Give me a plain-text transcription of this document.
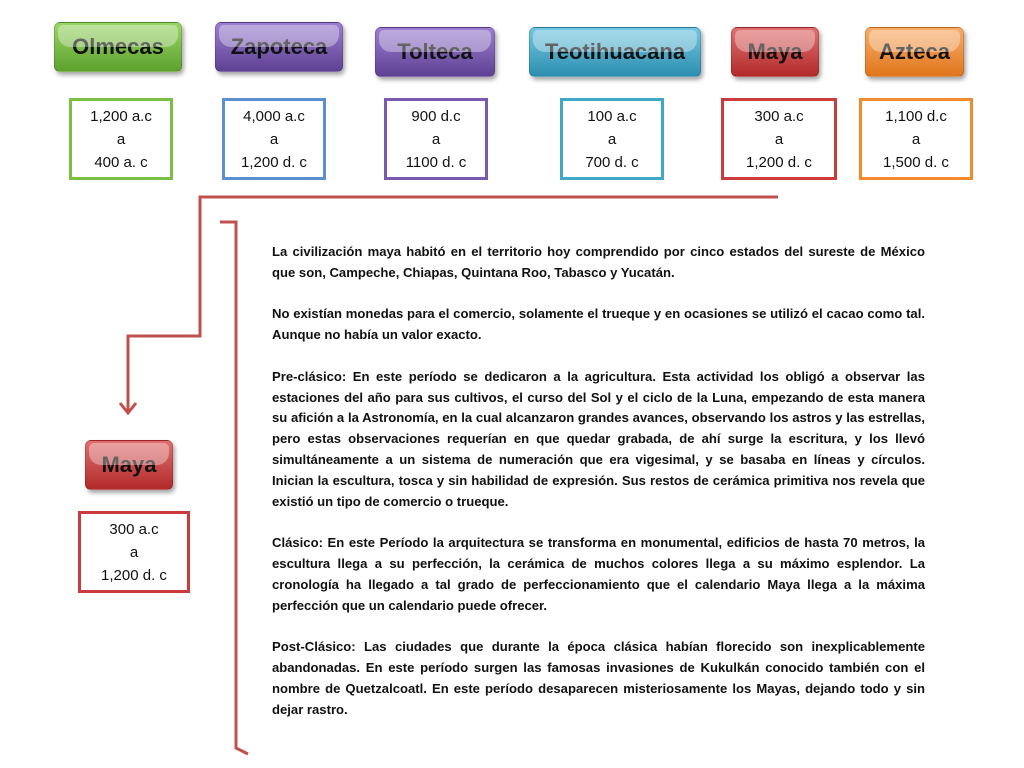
Olmecas	Zapoteca	Tolteca	Teotihuacana	Maya	Azteca
1,200 a.c
a
400 a. c
4,000 a.c
a
1,200 d. c
900 d.c
a
1100 d. c
100 a.c
a
700 d. c
300 a.c
a
1,200 d. c
1,100 d.c
a
1,500 d. c
Maya
300 a.c
a
1,200 d. c

La civilización maya habitó en el territorio hoy comprendido por cinco estados del sureste de México que son, Campeche, Chiapas, Quintana Roo, Tabasco y Yucatán.

No existían monedas para el comercio, solamente el trueque y en ocasiones se utilizó el cacao como tal. Aunque no había un valor exacto.

Pre-clásico: En este período se dedicaron a la agricultura. Esta actividad los obligó a observar las estaciones del año para sus cultivos, el curso del Sol y el ciclo de la Luna, empezando de esta manera su afición a la Astronomía, en la cual alcanzaron grandes avances, observando los astros y las estrellas, pero estas observaciones requerían en que quedar grabada, de ahí surge la escritura, y los llevó simultáneamente a un sistema de numeración que era vigesimal, y se basaba en líneas y círculos. Inician la escultura, tosca y sin habilidad de expresión. Sus restos de cerámica primitiva nos revela que existió un tipo de comercio o trueque.

Clásico: En este Período la arquitectura se transforma en monumental, edificios de hasta 70 metros, la escultura llega a su perfección, la cerámica de muchos colores llega a su máximo esplendor. La cronología ha llegado a tal grado de perfeccionamiento que el calendario Maya llega a la máxima perfección que un calendario puede ofrecer.

Post-Clásico: Las ciudades que durante la época clásica habían florecido son inexplicablemente abandonadas. En este período surgen las famosas invasiones de Kukulkán conocido también con el nombre de Quetzalcoatl. En este período desaparecen misteriosamente los Mayas, dejando todo y sin dejar rastro.
